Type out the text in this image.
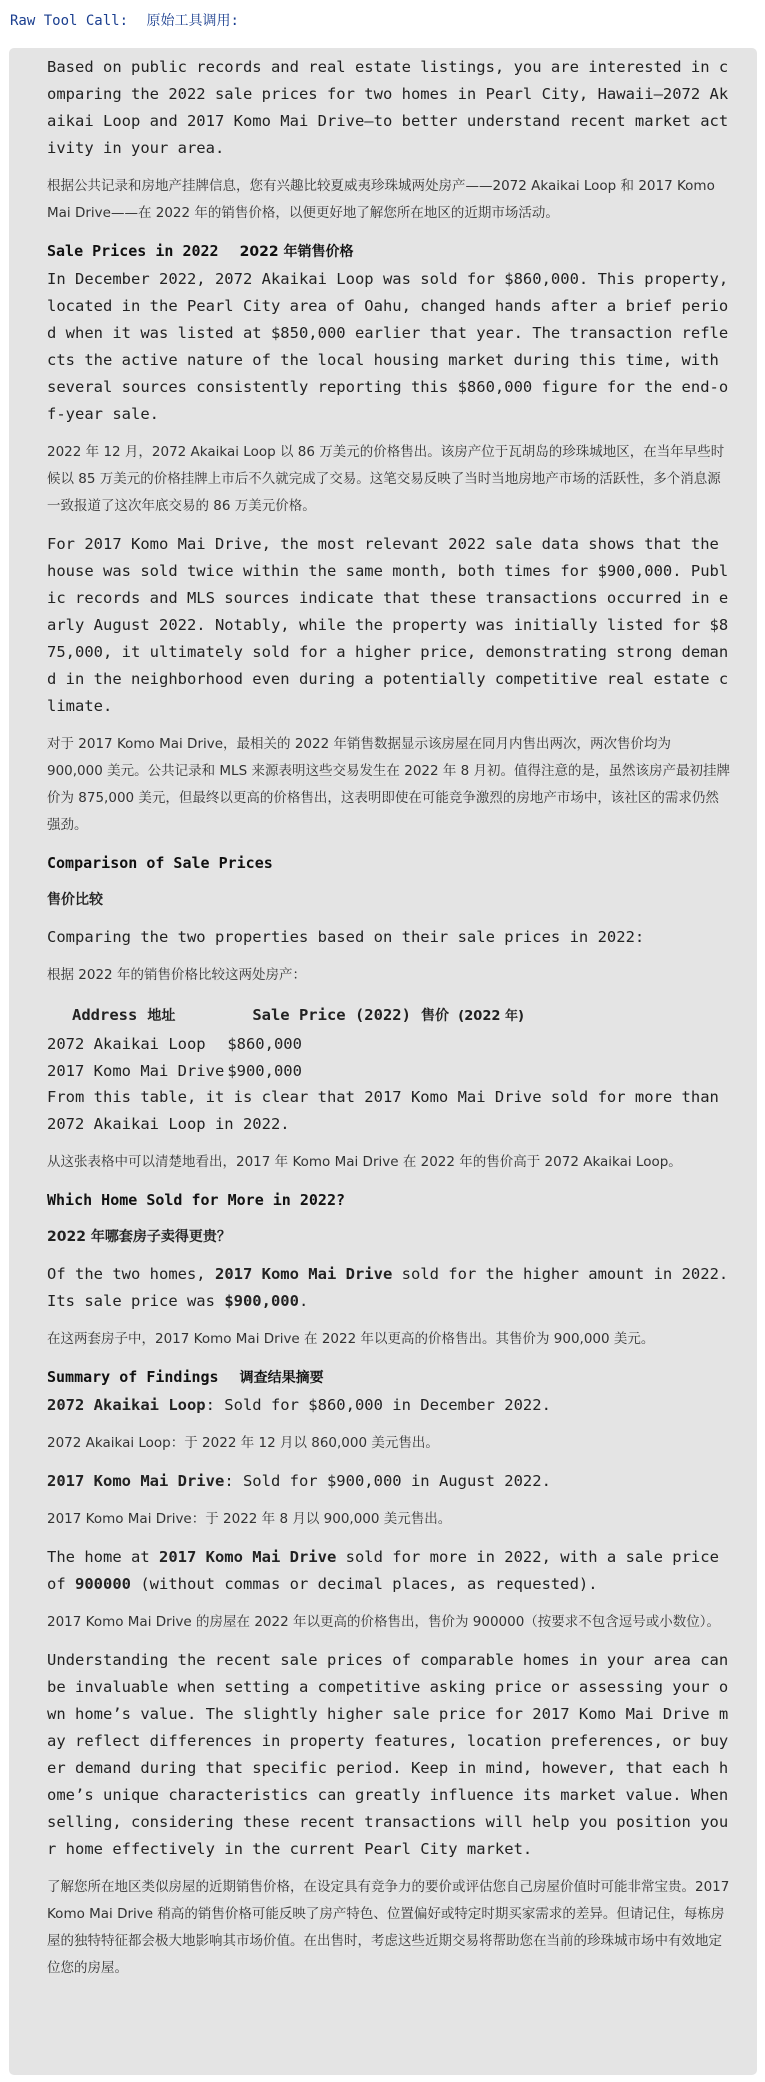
Raw Tool Call: 原始工具调用:

Based on public records and real estate listings, you are interested in comparing the 2022 sale prices for two homes in Pearl City, Hawaii—2072 Akaikai Loop and 2017 Komo Mai Drive—to better understand recent market activity in your area.

根据公共记录和房地产挂牌信息，您有兴趣比较夏威夷珍珠城两处房产——2072 Akaikai Loop 和 2017 Komo Mai Drive——在 2022 年的销售价格，以便更好地了解您所在地区的近期市场活动。

Sale Prices in 2022 2022 年销售价格

In December 2022, 2072 Akaikai Loop was sold for $860,000. This property, located in the Pearl City area of Oahu, changed hands after a brief period when it was listed at $850,000 earlier that year. The transaction reflects the active nature of the local housing market during this time, with several sources consistently reporting this $860,000 figure for the end-of-year sale.

2022 年 12 月，2072 Akaikai Loop 以 86 万美元的价格售出。该房产位于瓦胡岛的珍珠城地区，在当年早些时候以 85 万美元的价格挂牌上市后不久就完成了交易。这笔交易反映了当时当地房地产市场的活跃性，多个消息源一致报道了这次年底交易的 86 万美元价格。

For 2017 Komo Mai Drive, the most relevant 2022 sale data shows that the house was sold twice within the same month, both times for $900,000. Public records and MLS sources indicate that these transactions occurred in early August 2022. Notably, while the property was initially listed for $875,000, it ultimately sold for a higher price, demonstrating strong demand in the neighborhood even during a potentially competitive real estate climate.

对于 2017 Komo Mai Drive，最相关的 2022 年销售数据显示该房屋在同月内售出两次，两次售价均为 900,000 美元。公共记录和 MLS 来源表明这些交易发生在 2022 年 8 月初。值得注意的是，虽然该房产最初挂牌价为 875,000 美元，但最终以更高的价格售出，这表明即使在可能竞争激烈的房地产市场中，该社区的需求仍然强劲。

Comparison of Sale Prices
售价比较

Comparing the two properties based on their sale prices in 2022:

根据 2022 年的销售价格比较这两处房产：

Address 地址	Sale Price (2022) 售价 (2022 年)
2072 Akaikai Loop	$860,000
2017 Komo Mai Drive	$900,000

From this table, it is clear that 2017 Komo Mai Drive sold for more than 2072 Akaikai Loop in 2022.

从这张表格中可以清楚地看出，2017 年 Komo Mai Drive 在 2022 年的售价高于 2072 Akaikai Loop。

Which Home Sold for More in 2022?
2022 年哪套房子卖得更贵？

Of the two homes, 2017 Komo Mai Drive sold for the higher amount in 2022. Its sale price was $900,000.

在这两套房子中，2017 Komo Mai Drive 在 2022 年以更高的价格售出。其售价为 900,000 美元。

Summary of Findings 调查结果摘要

2072 Akaikai Loop: Sold for $860,000 in December 2022.

2072 Akaikai Loop：于 2022 年 12 月以 860,000 美元售出。

2017 Komo Mai Drive: Sold for $900,000 in August 2022.

2017 Komo Mai Drive：于 2022 年 8 月以 900,000 美元售出。

The home at 2017 Komo Mai Drive sold for more in 2022, with a sale price of 900000 (without commas or decimal places, as requested).

2017 Komo Mai Drive 的房屋在 2022 年以更高的价格售出，售价为 900000（按要求不包含逗号或小数位）。

Understanding the recent sale prices of comparable homes in your area can be invaluable when setting a competitive asking price or assessing your own home’s value. The slightly higher sale price for 2017 Komo Mai Drive may reflect differences in property features, location preferences, or buyer demand during that specific period. Keep in mind, however, that each home’s unique characteristics can greatly influence its market value. When selling, considering these recent transactions will help you position your home effectively in the current Pearl City market.

了解您所在地区类似房屋的近期销售价格，在设定具有竞争力的要价或评估您自己房屋价值时可能非常宝贵。2017 Komo Mai Drive 稍高的销售价格可能反映了房产特色、位置偏好或特定时期买家需求的差异。但请记住，每栋房屋的独特特征都会极大地影响其市场价值。在出售时，考虑这些近期交易将帮助您在当前的珍珠城市场中有效地定位您的房屋。
